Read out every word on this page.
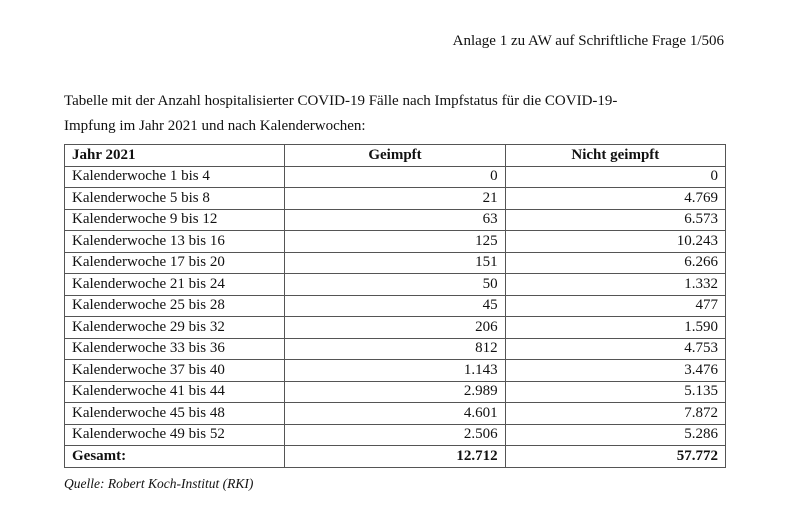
Anlage 1 zu AW auf Schriftliche Frage 1/506
Tabelle mit der Anzahl hospitalisierter COVID-19 Fälle nach Impfstatus für die COVID-19-
Impfung im Jahr 2021 und nach Kalenderwochen:
Jahr 2021	Geimpft	Nicht geimpft
Kalenderwoche 1 bis 4	0	0
Kalenderwoche 5 bis 8	21	4.769
Kalenderwoche 9 bis 12	63	6.573
Kalenderwoche 13 bis 16	125	10.243
Kalenderwoche 17 bis 20	151	6.266
Kalenderwoche 21 bis 24	50	1.332
Kalenderwoche 25 bis 28	45	477
Kalenderwoche 29 bis 32	206	1.590
Kalenderwoche 33 bis 36	812	4.753
Kalenderwoche 37 bis 40	1.143	3.476
Kalenderwoche 41 bis 44	2.989	5.135
Kalenderwoche 45 bis 48	4.601	7.872
Kalenderwoche 49 bis 52	2.506	5.286
Gesamt:	12.712	57.772
Quelle: Robert Koch-Institut (RKI)
